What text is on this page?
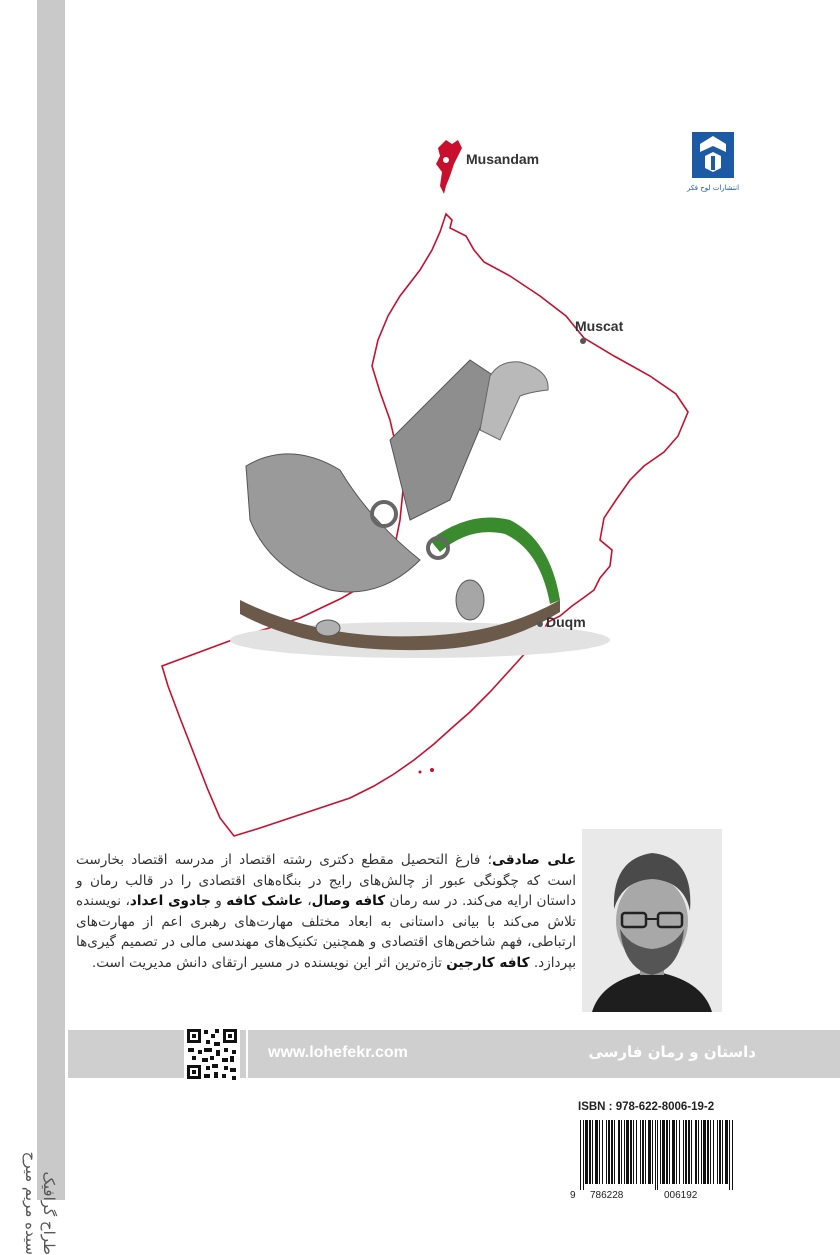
طراح گرافیک
سیده مریم میرح
انتشارات لوح فکر
Musandam
Muscat
Duqm
علی صادقی؛ فارغ التحصیل مقطع دکتری رشته اقتصاد از مدرسه اقتصاد بخارست است که چگونگی عبور از چالش‌های رایج در بنگاه‌های اقتصادی را در قالب رمان و داستان ارایه می‌کند. در سه رمان کافه وصال، عاشک کافه و جادوی اعداد، نویسنده تلاش می‌کند با بیانی داستانی به ابعاد مختلف مهارت‌های رهبری اعم از مهارت‌های ارتباطی، فهم شاخص‌های اقتصادی و همچنین تکنیک‌های مهندسی مالی در تصمیم گیری‌ها بپردازد. کافه کارجین تازه‌ترین اثر این نویسنده در مسیر ارتقای دانش مدیریت است.
www.lohefekr.com	داستان و رمان فارسی
ISBN : 978-622-8006-19-2
9 786228	006192
